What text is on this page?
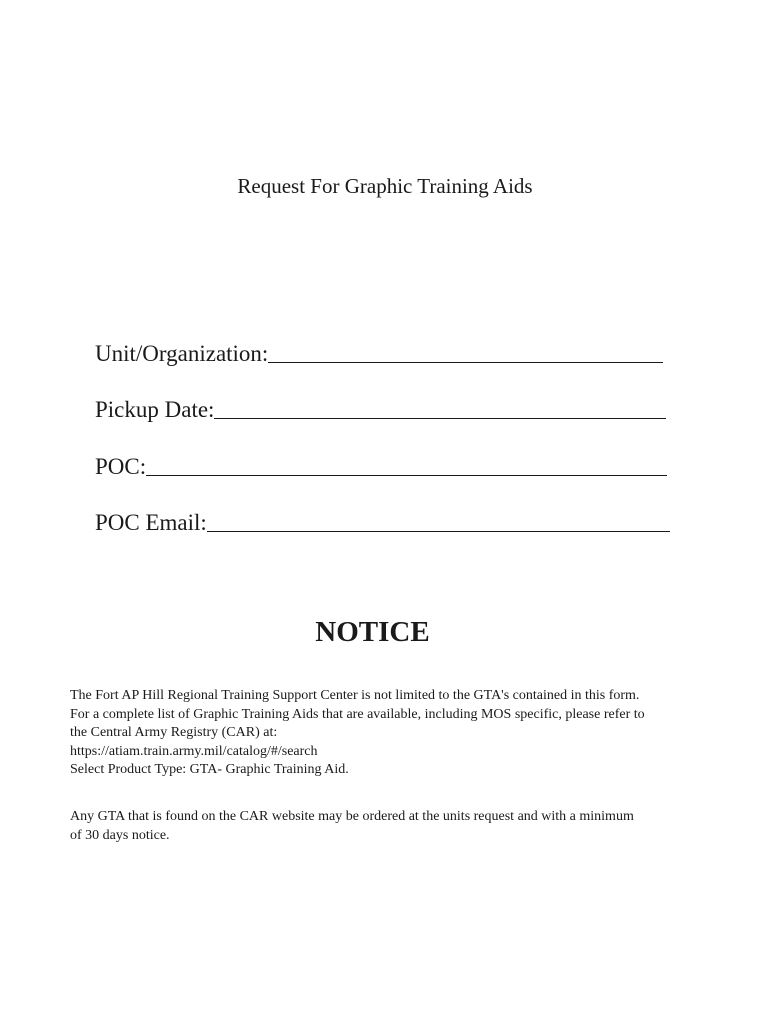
Request For Graphic Training Aids
Unit/Organization:
Pickup Date:
POC:
POC Email:
NOTICE
The Fort AP Hill Regional Training Support Center is not limited to the GTA's contained in this form.
For a complete list of Graphic Training Aids that are available, including MOS specific, please refer to
the Central Army Registry (CAR) at:
https://atiam.train.army.mil/catalog/#/search
Select Product Type: GTA- Graphic Training Aid.
Any GTA that is found on the CAR website may be ordered at the units request and with a minimum
of 30 days notice.
